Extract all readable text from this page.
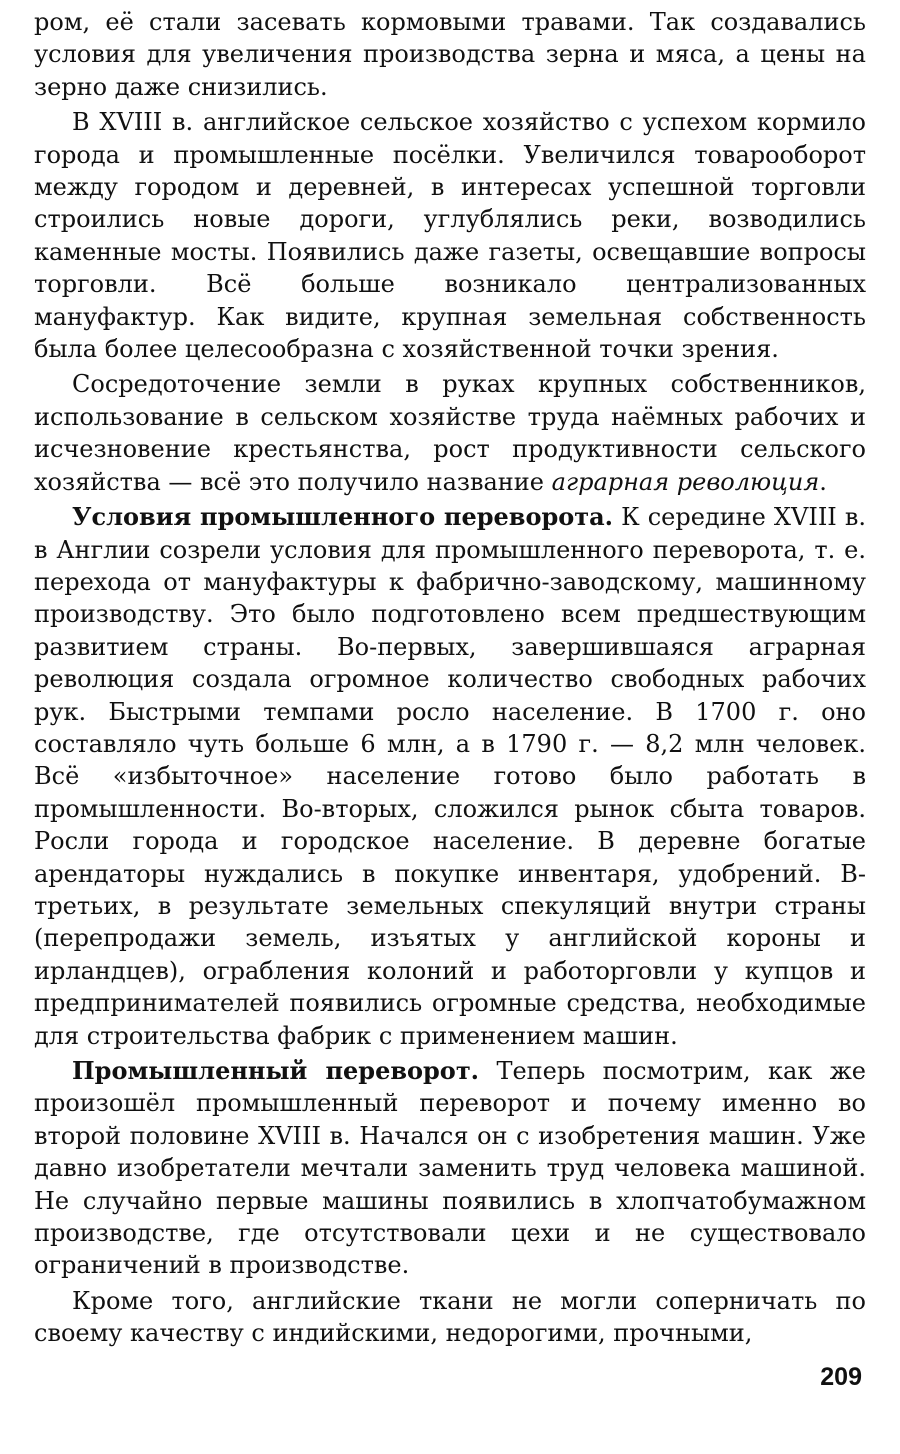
ром, её стали засевать кормовыми травами. Так создавались условия для увеличения производства зерна и мяса, а цены на зерно даже снизились.

В XVIII в. английское сельское хозяйство с успехом кормило города и промышленные посёлки. Увеличился товарооборот между городом и деревней, в интересах успешной торговли строились новые дороги, углублялись реки, возводились каменные мосты. Появились даже газеты, освещавшие вопросы торговли. Всё больше возникало централизованных мануфактур. Как видите, крупная земельная собственность была более целесообразна с хозяйственной точки зрения.

Сосредоточение земли в руках крупных собственников, использование в сельском хозяйстве труда наёмных рабочих и исчезновение крестьянства, рост продуктивности сельского хозяйства — всё это получило название аграрная революция.

Условия промышленного переворота. К середине XVIII в. в Англии созрели условия для промышленного переворота, т. е. перехода от мануфактуры к фабрично-заводскому, машинному производству. Это было подготовлено всем предшествующим развитием страны. Во-первых, завершившаяся аграрная революция создала огромное количество свободных рабочих рук. Быстрыми темпами росло население. В 1700 г. оно составляло чуть больше 6 млн, а в 1790 г. — 8,2 млн человек. Всё «избыточное» население готово было работать в промышленности. Во-вторых, сложился рынок сбыта товаров. Росли города и городское население. В деревне богатые арендаторы нуждались в покупке инвентаря, удобрений. В-третьих, в результате земельных спекуляций внутри страны (перепродажи земель, изъятых у английской короны и ирландцев), ограбления колоний и работорговли у купцов и предпринимателей появились огромные средства, необходимые для строительства фабрик с применением машин.

Промышленный переворот. Теперь посмотрим, как же произошёл промышленный переворот и почему именно во второй половине XVIII в. Начался он с изобретения машин. Уже давно изобретатели мечтали заменить труд человека машиной. Не случайно первые машины появились в хлопчатобумажном производстве, где отсутствовали цехи и не существовало ограничений в производстве.

Кроме того, английские ткани не могли соперничать по своему качеству с индийскими, недорогими, прочными,

209
